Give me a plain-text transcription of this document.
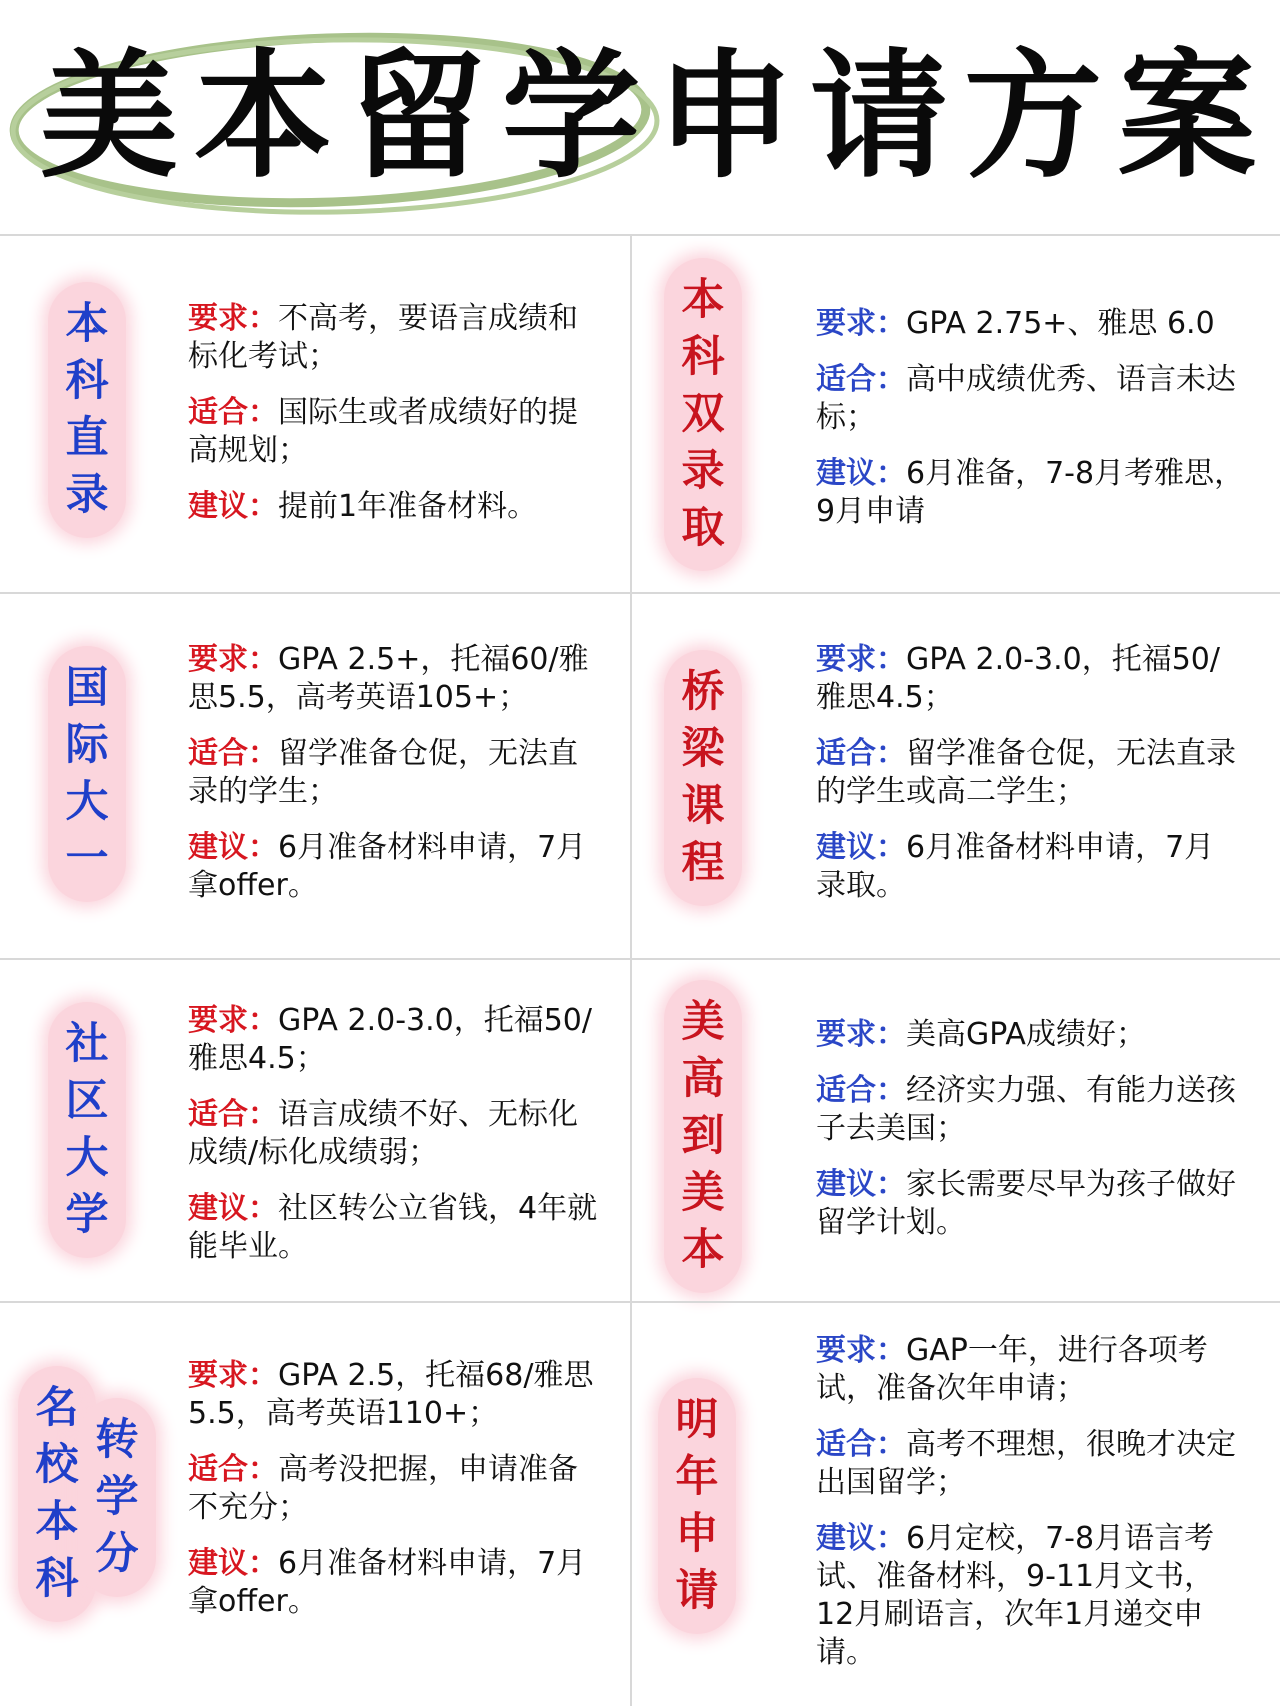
美本留学申请方案
本
科
直
录
要求：不高考，要语言成绩和标化考试；
适合：国际生或者成绩好的提高规划；
建议：提前1年准备材料。
本
科
双
录
取
要求：GPA 2.75+、雅思 6.0
适合：高中成绩优秀、语言未达标；
建议：6月准备，7-8月考雅思，9月申请
国
际
大
一
要求：GPA 2.5+，托福60/雅思5.5，高考英语105+；
适合：留学准备仓促，无法直录的学生；
建议：6月准备材料申请，7月拿offer。
桥
梁
课
程
要求：GPA 2.0-3.0，托福50/雅思4.5；
适合：留学准备仓促，无法直录的学生或高二学生；
建议：6月准备材料申请，7月录取。
社
区
大
学
要求：GPA 2.0-3.0，托福50/雅思4.5；
适合：语言成绩不好、无标化成绩/标化成绩弱；
建议：社区转公立省钱，4年就能毕业。
美
高
到
美
本
要求：美高GPA成绩好；
适合：经济实力强、有能力送孩子去美国；
建议：家长需要尽早为孩子做好留学计划。
名
校
本
科
转
学
分
要求：GPA 2.5，托福68/雅思5.5，高考英语110+；
适合：高考没把握，申请准备不充分；
建议：6月准备材料申请，7月拿offer。
明
年
申
请
要求：GAP一年，进行各项考试，准备次年申请；
适合：高考不理想，很晚才决定出国留学；
建议：6月定校，7-8月语言考试、准备材料，9-11月文书，12月刷语言，次年1月递交申请。
